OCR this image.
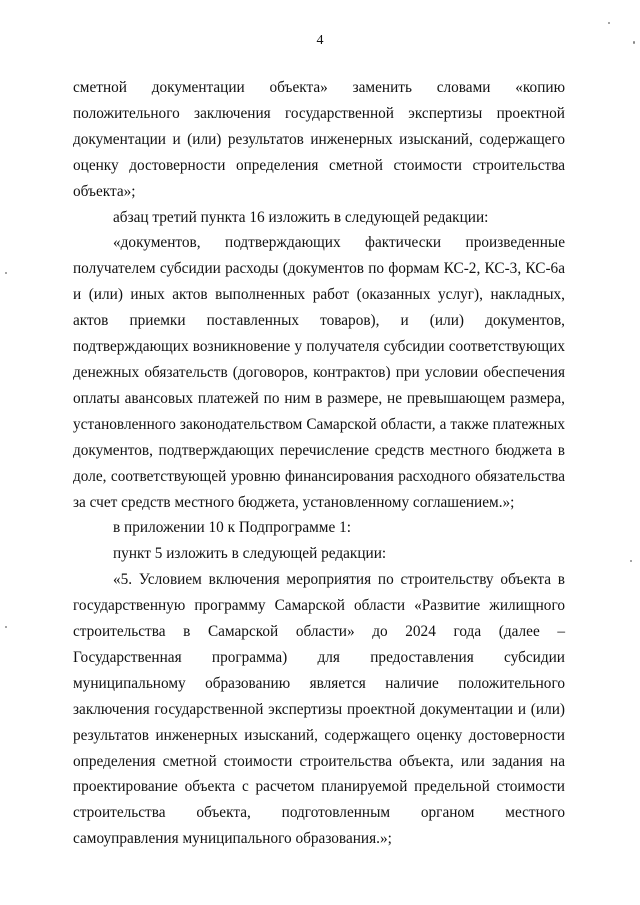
4

сметной документации объекта» заменить словами «копию положительного заключения государственной экспертизы проектной документации и (или) результатов инженерных изысканий, содержащего оценку достоверности определения сметной стоимости строительства объекта»;

абзац третий пункта 16 изложить в следующей редакции:

«документов, подтверждающих фактически произведенные получателем субсидии расходы (документов по формам КС-2, КС-3, КС-6а и (или) иных актов выполненных работ (оказанных услуг), накладных, актов приемки поставленных товаров), и (или) документов, подтверждающих возникновение у получателя субсидии соответствующих денежных обязательств (договоров, контрактов) при условии обеспечения оплаты авансовых платежей по ним в размере, не превышающем размера, установленного законодательством Самарской области, а также платежных документов, подтверждающих перечисление средств местного бюджета в доле, соответствующей уровню финансирования расходного обязательства за счет средств местного бюджета, установленному соглашением.»;

в приложении 10 к Подпрограмме 1:

пункт 5 изложить в следующей редакции:

«5. Условием включения мероприятия по строительству объекта в государственную программу Самарской области «Развитие жилищного строительства в Самарской области» до 2024 года (далее – Государственная программа) для предоставления субсидии муниципальному образованию является наличие положительного заключения государственной экспертизы проектной документации и (или) результатов инженерных изысканий, содержащего оценку достоверности определения сметной стоимости строительства объекта, или задания на проектирование объекта с расчетом планируемой предельной стоимости строительства объекта, подготовленным органом местного самоуправления муниципального образования.»;
